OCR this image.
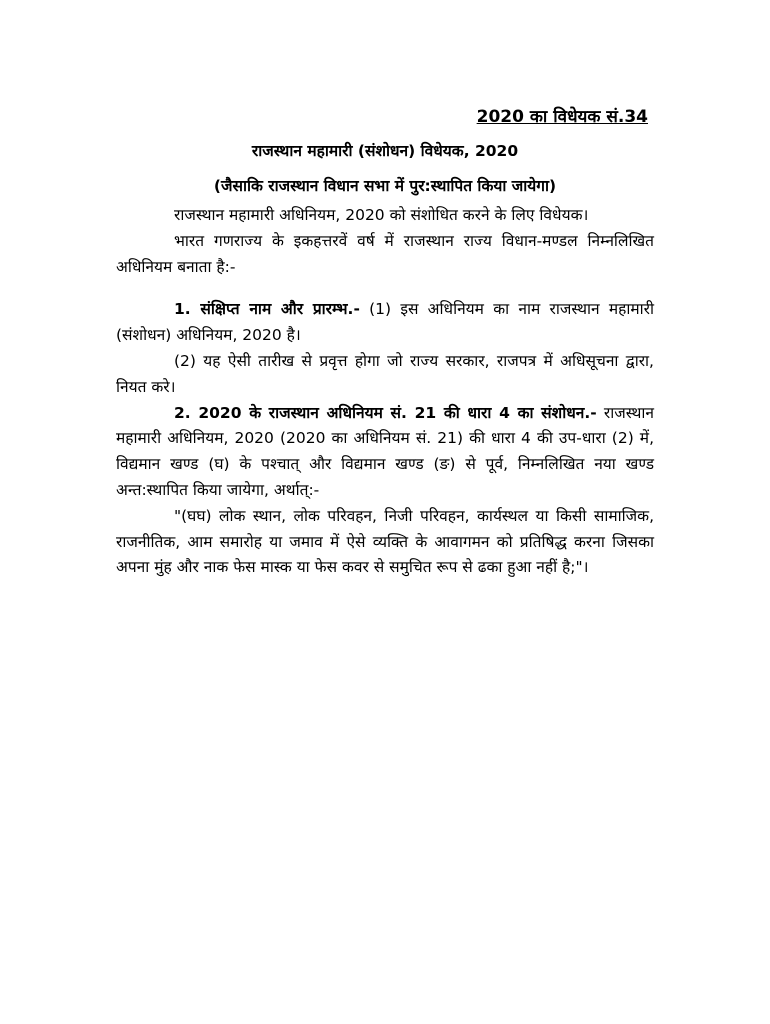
2020 का विधेयक सं.34

राजस्थान महामारी (संशोधन) विधेयक, 2020

(जैसाकि राजस्थान विधान सभा में पुर:स्थापित किया जायेगा)

राजस्थान महामारी अधिनियम, 2020 को संशोधित करने के लिए विधेयक।

भारत गणराज्य के इकहत्तरवें वर्ष में राजस्थान राज्य विधान-मण्डल निम्नलिखित अधिनियम बनाता है:-

1. संक्षिप्त नाम और प्रारम्भ.- (1) इस अधिनियम का नाम राजस्थान महामारी (संशोधन) अधिनियम, 2020 है।

(2) यह ऐसी तारीख से प्रवृत्त होगा जो राज्य सरकार, राजपत्र में अधिसूचना द्वारा, नियत करे।

2. 2020 के राजस्थान अधिनियम सं. 21 की धारा 4 का संशोधन.- राजस्थान महामारी अधिनियम, 2020 (2020 का अधिनियम सं. 21) की धारा 4 की उप-धारा (2) में, विद्यमान खण्ड (घ) के पश्चात् और विद्यमान खण्ड (ङ) से पूर्व, निम्नलिखित नया खण्ड अन्त:स्थापित किया जायेगा, अर्थात्:-

"(घघ) लोक स्थान, लोक परिवहन, निजी परिवहन, कार्यस्थल या किसी सामाजिक, राजनीतिक, आम समारोह या जमाव में ऐसे व्यक्ति के आवागमन को प्रतिषिद्ध करना जिसका अपना मुंह और नाक फेस मास्क या फेस कवर से समुचित रूप से ढका हुआ नहीं है;"।
